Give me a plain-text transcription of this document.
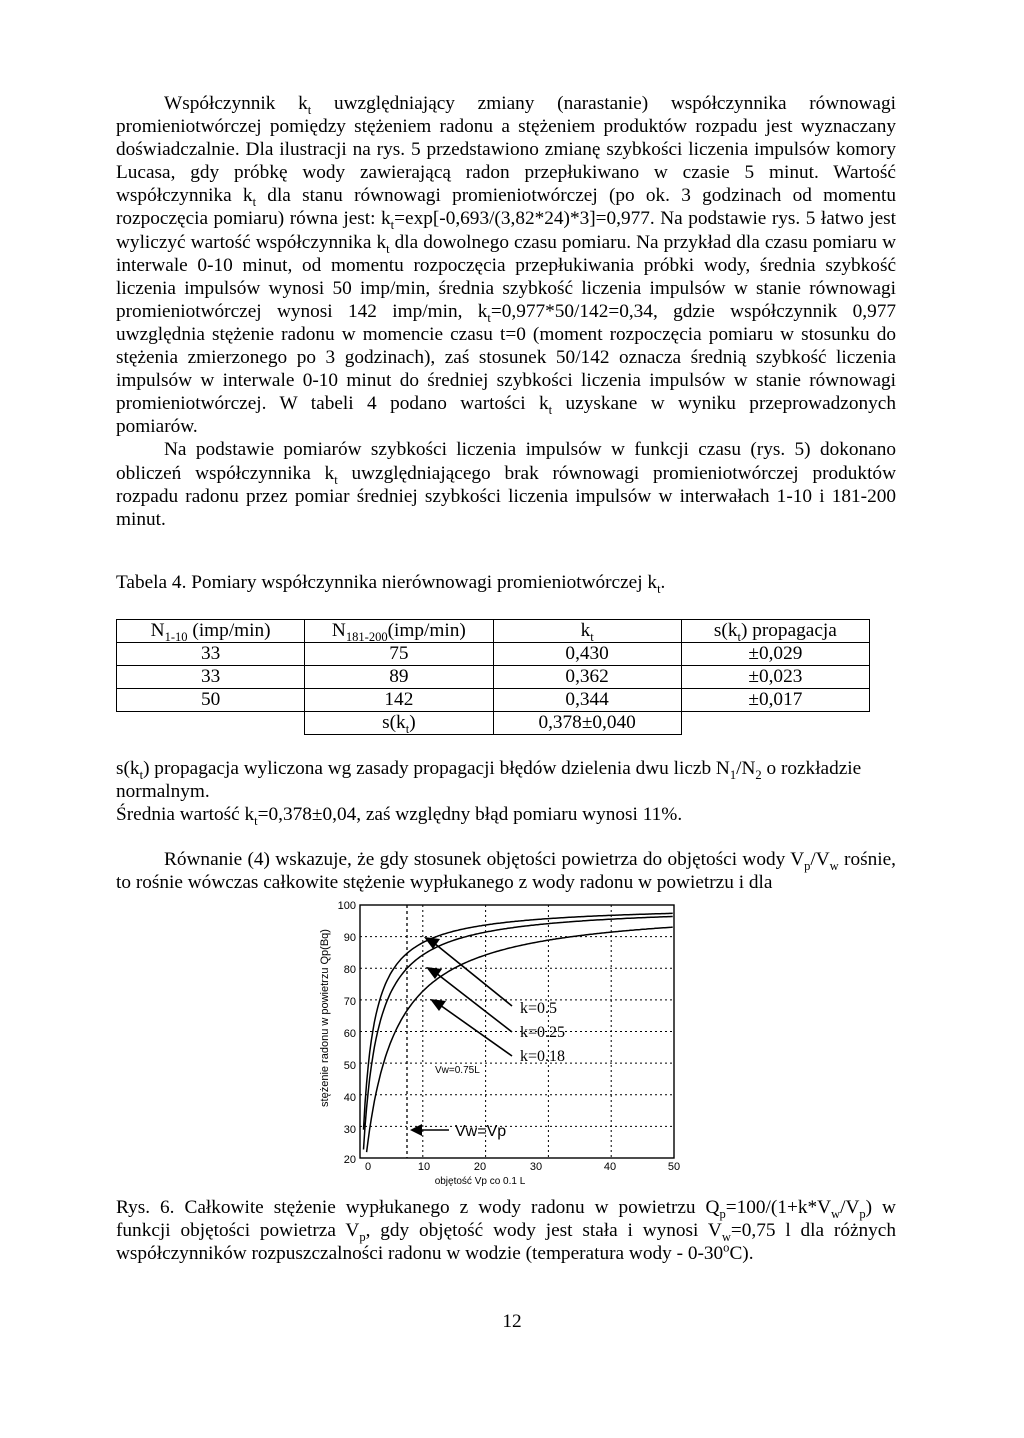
Współczynnik $k_t$ uwzględniający zmiany (narastanie) współczynnika równowagi promieniotwórczej pomiędzy stężeniem radonu a stężeniem produktów rozpadu jest wyznaczany doświadczalnie. Dla ilustracji na rys. 5 przedstawiono zmianę szybkości liczenia impulsów komory Lucasa, gdy próbkę wody zawierającą radon przepłukiwano w czasie 5 minut. Wartość współczynnika $k_t$ dla stanu równowagi promieniotwórczej (po ok. 3 godzinach od momentu rozpoczęcia pomiaru) równa jest: $k_t=\exp[-0,693/(3,82*24)*3]=0,977$. Na podstawie rys. 5 łatwo jest wyliczyć wartość współczynnika $k_t$ dla dowolnego czasu pomiaru. Na przykład dla czasu pomiaru w interwale 0-10 minut, od momentu rozpoczęcia przepłukiwania próbki wody, średnia szybkość liczenia impulsów wynosi 50 imp/min, średnia szybkość liczenia impulsów w stanie równowagi promieniotwórczej wynosi 142 imp/min, $k_t=0,977*50/142=0,34$, gdzie współczynnik 0,977 uwzględnia stężenie radonu w momencie czasu t=0 (moment rozpoczęcia pomiaru w stosunku do stężenia zmierzonego po 3 godzinach), zaś stosunek 50/142 oznacza średnią szybkość liczenia impulsów w interwale 0-10 minut do średniej szybkości liczenia impulsów w stanie równowagi promieniotwórczej. W tabeli 4 podano wartości $k_t$ uzyskane w wyniku przeprowadzonych pomiarów.

Na podstawie pomiarów szybkości liczenia impulsów w funkcji czasu (rys. 5) dokonano obliczeń współczynnika $k_t$ uwzględniającego brak równowagi promieniotwórczej produktów rozpadu radonu przez pomiar średniej szybkości liczenia impulsów w interwałach 1-10 i 181-200 minut.

Tabela 4. Pomiary współczynnika nierównowagi promieniotwórczej $k_t$.
$N_{1-10}$ (imp/min)	$N_{181-200}(imp/\min)$	$k_t$	$s(k_t)$ propagacja
33	75	0,430	±0,029
33	89	0,362	±0,023
50	142	0,344	±0,017
	$s(k_t)$	0,378±0,040	

$s(k_t)$ propagacja wyliczona wg zasady propagacji błędów dzielenia dwu liczb $N_1/N_2$ o rozkładzie normalnym.

Średnia wartość $k_t=0,378\pm 0,04$, zaś względny błąd pomiaru wynosi 11%.

Równanie (4) wskazuje, że gdy stosunek objętości powietrza do objętości wody $V_p/V_w$ rośnie, to rośnie wówczas całkowite stężenie wypłukanego z wody radonu w powietrzu i dla

stężenie radonu w powietrzu Qp(Bq)
100
90
80
70
60
50
40
30
20
0	10	20	30	40	50
objętość Vp co 0.1 L
k=0.5
k=0.25
k=0.18
Vw=0.75L
Vw=Vp
Rys. 6. Całkowite stężenie wypłukanego z wody radonu w powietrzu $Q_p=100/(1+k*V_w/V_p)$ w funkcji objętości powietrza $V_p$, gdy objętość wody jest stała i wynosi $V_w=0,75$ l dla różnych współczynników rozpuszczalności radonu w wodzie (temperatura wody - 0-30$^o$C).
12
